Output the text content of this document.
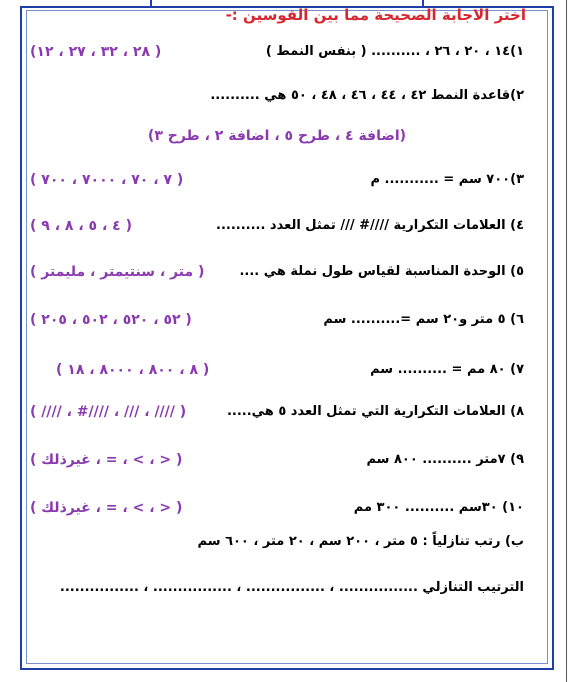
اختر الاجابة الصحيحة مما بين القوسين :-
١)١٤ ، ٢٠ ، ٢٦ ، .......... ( بنفس النمط )
( ٢٨ ، ٣٢ ، ٢٧ ، ١٢)
٢)قاعدة النمط ٤٢ ، ٤٤ ، ٤٦ ، ٤٨ ، ٥٠ هي ..........
(اضافة ٤ ، طرح ٥ ، اضافة ٢ ، طرح ٣)
٣)٧٠٠ سم = ........... م
( ٧ ، ٧٠ ، ٧٠٠٠ ، ٧٠٠ )
٤) العلامات التكرارية ////# /// تمثل العدد ..........
( ٤ ، ٥ ، ٨ ، ٩ )
٥) الوحدة المناسبة لقياس طول نملة هي ....
( متر ، سنتيمتر ، مليمتر )
٦) ٥ متر و٢٠ سم =.......... سم
( ٥٢ ، ٥٢٠ ، ٥٠٢ ، ٢٠٥ )
٧) ٨٠ مم = .......... سم
( ٨ ، ٨٠٠ ، ٨٠٠٠ ، ١٨ )
٨) العلامات التكرارية التي تمثل العدد ٥ هي.....
( //// ، /// ، ////# ، //// )
٩) ٧متر .......... ٨٠٠ سم
( < ، > ، = ، غيرذلك )
١٠) ٣٠سم .......... ٣٠٠ مم
( < ، > ، = ، غيرذلك )
ب) رتب تنازلياً : ٥ متر ، ٢٠٠ سم ، ٢٠ متر ، ٦٠٠ سم
الترتيب التنازلي ................ ، ................ ، ................ ، ................
